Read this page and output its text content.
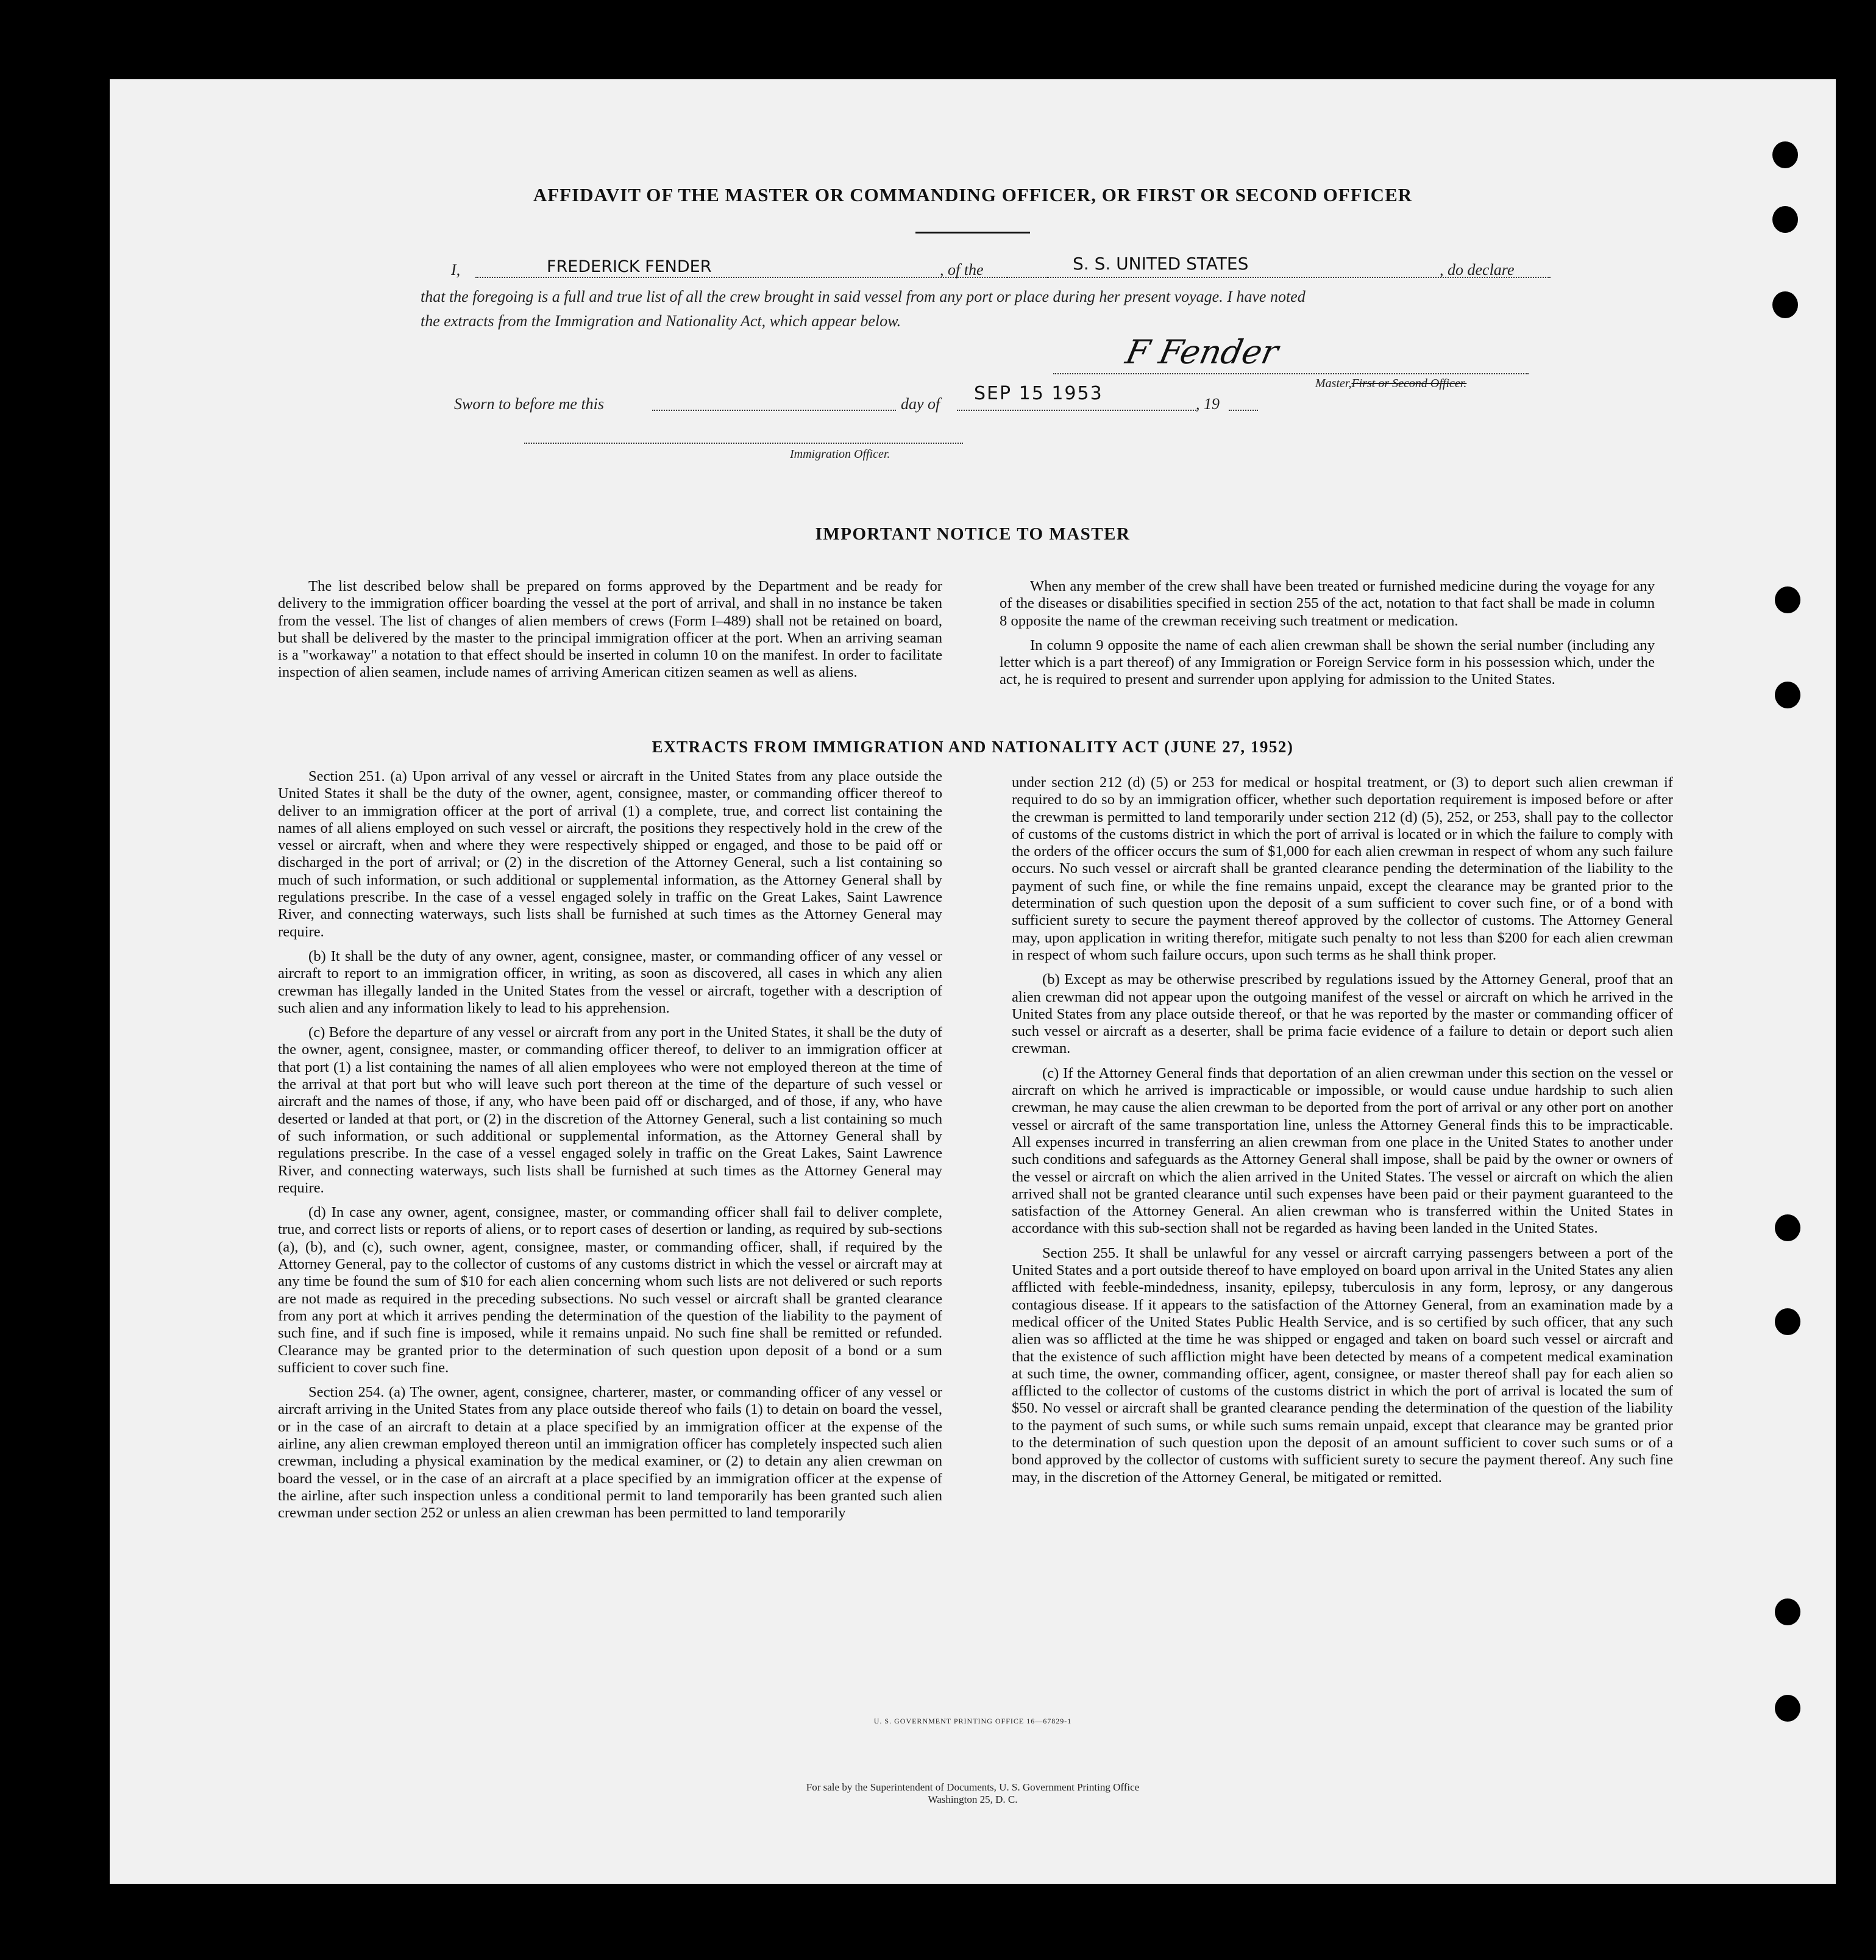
AFFIDAVIT OF THE MASTER OR COMMANDING OFFICER, OR FIRST OR SECOND OFFICER
I,	FREDERICK FENDER	, of the	S. S. UNITED STATES	, do declare
that the foregoing is a full and true list of all the crew brought in said vessel from any port or place during her present voyage. I have noted
the extracts from the Immigration and Nationality Act, which appear below.
F Fender
Master,First or Second Officer.
Sworn to before me this	day of SEP 15 1953	, 19
Immigration Officer.
IMPORTANT NOTICE TO MASTER

The list described below shall be prepared on forms approved by the Department and be ready for delivery to the immigration officer boarding the vessel at the port of arrival, and shall in no instance be taken from the vessel. The list of changes of alien members of crews (Form I–489) shall not be retained on board, but shall be delivered by the master to the principal immigration officer at the port. When an arriving seaman is a "workaway" a notation to that effect should be inserted in column 10 on the manifest. In order to facilitate inspection of alien seamen, include names of arriving American citizen seamen as well as aliens.

When any member of the crew shall have been treated or furnished medicine during the voyage for any of the diseases or disabilities specified in section 255 of the act, notation to that fact shall be made in column 8 opposite the name of the crewman receiving such treatment or medication.

In column 9 opposite the name of each alien crewman shall be shown the serial number (including any letter which is a part thereof) of any Immigration or Foreign Service form in his possession which, under the act, he is required to present and surrender upon applying for admission to the United States.

EXTRACTS FROM IMMIGRATION AND NATIONALITY ACT (JUNE 27, 1952)

Section 251. (a) Upon arrival of any vessel or aircraft in the United States from any place outside the United States it shall be the duty of the owner, agent, consignee, master, or commanding officer thereof to deliver to an immigration officer at the port of arrival (1) a complete, true, and correct list containing the names of all aliens employed on such vessel or aircraft, the positions they respectively hold in the crew of the vessel or aircraft, when and where they were respectively shipped or engaged, and those to be paid off or discharged in the port of arrival; or (2) in the discretion of the Attorney General, such a list containing so much of such information, or such additional or supplemental information, as the Attorney General shall by regulations prescribe. In the case of a vessel engaged solely in traffic on the Great Lakes, Saint Lawrence River, and connecting waterways, such lists shall be furnished at such times as the Attorney General may require.

(b) It shall be the duty of any owner, agent, consignee, master, or commanding officer of any vessel or aircraft to report to an immigration officer, in writing, as soon as discovered, all cases in which any alien crewman has illegally landed in the United States from the vessel or aircraft, together with a description of such alien and any information likely to lead to his apprehension.

(c) Before the departure of any vessel or aircraft from any port in the United States, it shall be the duty of the owner, agent, consignee, master, or commanding officer thereof, to deliver to an immigration officer at that port (1) a list containing the names of all alien employees who were not employed thereon at the time of the arrival at that port but who will leave such port thereon at the time of the departure of such vessel or aircraft and the names of those, if any, who have been paid off or discharged, and of those, if any, who have deserted or landed at that port, or (2) in the discretion of the Attorney General, such a list containing so much of such information, or such additional or supplemental information, as the Attorney General shall by regulations prescribe. In the case of a vessel engaged solely in traffic on the Great Lakes, Saint Lawrence River, and connecting waterways, such lists shall be furnished at such times as the Attorney General may require.

(d) In case any owner, agent, consignee, master, or commanding officer shall fail to deliver complete, true, and correct lists or reports of aliens, or to report cases of desertion or landing, as required by sub-sections (a), (b), and (c), such owner, agent, consignee, master, or commanding officer, shall, if required by the Attorney General, pay to the collector of customs of any customs district in which the vessel or aircraft may at any time be found the sum of $10 for each alien concerning whom such lists are not delivered or such reports are not made as required in the preceding subsections. No such vessel or aircraft shall be granted clearance from any port at which it arrives pending the determination of the question of the liability to the payment of such fine, and if such fine is imposed, while it remains unpaid. No such fine shall be remitted or refunded. Clearance may be granted prior to the determination of such question upon deposit of a bond or a sum sufficient to cover such fine.

Section 254. (a) The owner, agent, consignee, charterer, master, or commanding officer of any vessel or aircraft arriving in the United States from any place outside thereof who fails (1) to detain on board the vessel, or in the case of an aircraft to detain at a place specified by an immigration officer at the expense of the airline, any alien crewman employed thereon until an immigration officer has completely inspected such alien crewman, including a physical examination by the medical examiner, or (2) to detain any alien crewman on board the vessel, or in the case of an aircraft at a place specified by an immigration officer at the expense of the airline, after such inspection unless a conditional permit to land temporarily has been granted such alien crewman under section 252 or unless an alien crewman has been permitted to land temporarily

under section 212 (d) (5) or 253 for medical or hospital treatment, or (3) to deport such alien crewman if required to do so by an immigration officer, whether such deportation requirement is imposed before or after the crewman is permitted to land temporarily under section 212 (d) (5), 252, or 253, shall pay to the collector of customs of the customs district in which the port of arrival is located or in which the failure to comply with the orders of the officer occurs the sum of $1,000 for each alien crewman in respect of whom any such failure occurs. No such vessel or aircraft shall be granted clearance pending the determination of the liability to the payment of such fine, or while the fine remains unpaid, except the clearance may be granted prior to the determination of such question upon the deposit of a sum sufficient to cover such fine, or of a bond with sufficient surety to secure the payment thereof approved by the collector of customs. The Attorney General may, upon application in writing therefor, mitigate such penalty to not less than $200 for each alien crewman in respect of whom such failure occurs, upon such terms as he shall think proper.

(b) Except as may be otherwise prescribed by regulations issued by the Attorney General, proof that an alien crewman did not appear upon the outgoing manifest of the vessel or aircraft on which he arrived in the United States from any place outside thereof, or that he was reported by the master or commanding officer of such vessel or aircraft as a deserter, shall be prima facie evidence of a failure to detain or deport such alien crewman.

(c) If the Attorney General finds that deportation of an alien crewman under this section on the vessel or aircraft on which he arrived is impracticable or impossible, or would cause undue hardship to such alien crewman, he may cause the alien crewman to be deported from the port of arrival or any other port on another vessel or aircraft of the same transportation line, unless the Attorney General finds this to be impracticable. All expenses incurred in transferring an alien crewman from one place in the United States to another under such conditions and safeguards as the Attorney General shall impose, shall be paid by the owner or owners of the vessel or aircraft on which the alien arrived in the United States. The vessel or aircraft on which the alien arrived shall not be granted clearance until such expenses have been paid or their payment guaranteed to the satisfaction of the Attorney General. An alien crewman who is transferred within the United States in accordance with this sub-section shall not be regarded as having been landed in the United States.

Section 255. It shall be unlawful for any vessel or aircraft carrying passengers between a port of the United States and a port outside thereof to have employed on board upon arrival in the United States any alien afflicted with feeble-mindedness, insanity, epilepsy, tuberculosis in any form, leprosy, or any dangerous contagious disease. If it appears to the satisfaction of the Attorney General, from an examination made by a medical officer of the United States Public Health Service, and is so certified by such officer, that any such alien was so afflicted at the time he was shipped or engaged and taken on board such vessel or aircraft and that the existence of such affliction might have been detected by means of a competent medical examination at such time, the owner, commanding officer, agent, consignee, or master thereof shall pay for each alien so afflicted to the collector of customs of the customs district in which the port of arrival is located the sum of $50. No vessel or aircraft shall be granted clearance pending the determination of the question of the liability to the payment of such sums, or while such sums remain unpaid, except that clearance may be granted prior to the determination of such question upon the deposit of an amount sufficient to cover such sums or of a bond approved by the collector of customs with sufficient surety to secure the payment thereof. Any such fine may, in the discretion of the Attorney General, be mitigated or remitted.

U. S. GOVERNMENT PRINTING OFFICE 16—67829-1
For sale by the Superintendent of Documents, U. S. Government Printing Office
Washington 25, D. C.
